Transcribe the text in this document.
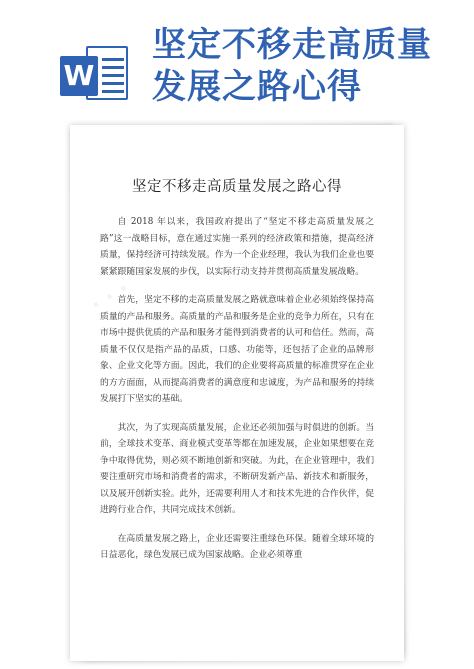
W
坚定不移走高质量
发展之路心得
· · ·
坚定不移走高质量发展之路心得

自 2018 年以来，我国政府提出了“坚定不移走高质量发展之路”这一战略目标，意在通过实施一系列的经济政策和措施，提高经济质量，保持经济可持续发展。作为一个企业经理，我认为我们企业也要紧紧跟随国家发展的步伐，以实际行动支持并贯彻高质量发展战略。

首先，坚定不移的走高质量发展之路就意味着企业必须始终保持高质量的产品和服务。高质量的产品和服务是企业的竞争力所在，只有在市场中提供优质的产品和服务才能得到消费者的认可和信任。然而，高质量不仅仅是指产品的品质，口感、功能等，还包括了企业的品牌形象、企业文化等方面。因此，我们的企业要将高质量的标准贯穿在企业的方方面面，从而提高消费者的满意度和忠诚度，为产品和服务的持续发展打下坚实的基础。

其次，为了实现高质量发展，企业还必须加强与时俱进的创新。当前，全球技术变革、商业模式变革等都在加速发展，企业如果想要在竞争中取得优势，则必须不断地创新和突破。为此，在企业管理中，我们要注重研究市场和消费者的需求，不断研发新产品、新技术和新服务，以及展开创新实验。此外，还需要利用人才和技术先进的合作伙伴，促进跨行业合作，共同完成技术创新。

在高质量发展之路上，企业还需要注重绿色环保。随着全球环境的日益恶化，绿色发展已成为国家战略。企业必须尊重
